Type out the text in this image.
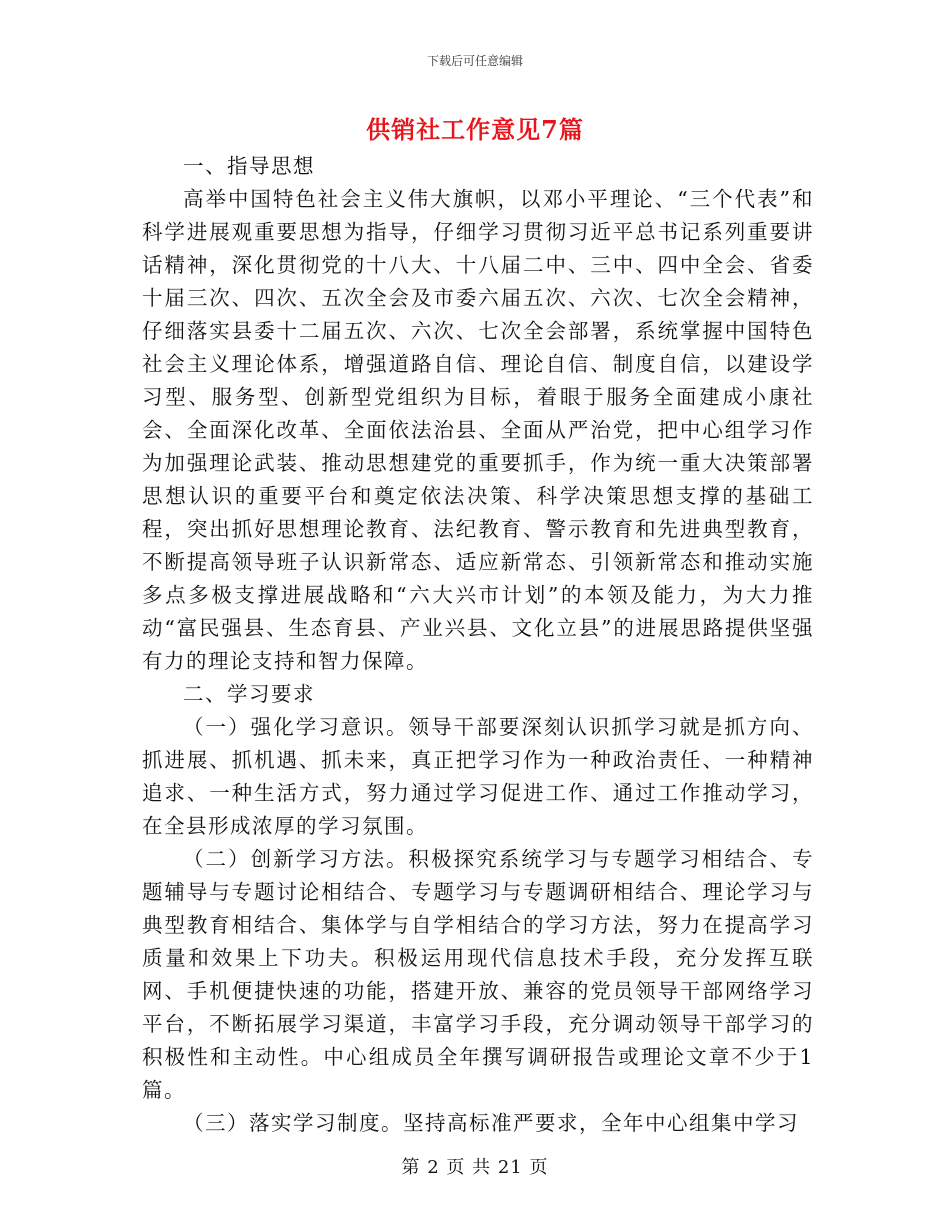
下载后可任意编辑
供销社工作意见7篇

一、指导思想

高举中国特色社会主义伟大旗帜，以邓小平理论、“三个代表”和科学进展观重要思想为指导，仔细学习贯彻习近平总书记系列重要讲话精神，深化贯彻党的十八大、十八届二中、三中、四中全会、省委十届三次、四次、五次全会及市委六届五次、六次、七次全会精神，仔细落实县委十二届五次、六次、七次全会部署，系统掌握中国特色社会主义理论体系，增强道路自信、理论自信、制度自信，以建设学习型、服务型、创新型党组织为目标，着眼于服务全面建成小康社会、全面深化改革、全面依法治县、全面从严治党，把中心组学习作为加强理论武装、推动思想建党的重要抓手，作为统一重大决策部署思想认识的重要平台和奠定依法决策、科学决策思想支撑的基础工程，突出抓好思想理论教育、法纪教育、警示教育和先进典型教育，不断提高领导班子认识新常态、适应新常态、引领新常态和推动实施多点多极支撑进展战略和“六大兴市计划”的本领及能力，为大力推动“富民强县、生态育县、产业兴县、文化立县”的进展思路提供坚强有力的理论支持和智力保障。

二、学习要求

（一）强化学习意识。领导干部要深刻认识抓学习就是抓方向、抓进展、抓机遇、抓未来，真正把学习作为一种政治责任、一种精神追求、一种生活方式，努力通过学习促进工作、通过工作推动学习，在全县形成浓厚的学习氛围。

（二）创新学习方法。积极探究系统学习与专题学习相结合、专题辅导与专题讨论相结合、专题学习与专题调研相结合、理论学习与典型教育相结合、集体学与自学相结合的学习方法，努力在提高学习质量和效果上下功夫。积极运用现代信息技术手段，充分发挥互联网、手机便捷快速的功能，搭建开放、兼容的党员领导干部网络学习平台，不断拓展学习渠道，丰富学习手段，充分调动领导干部学习的积极性和主动性。中心组成员全年撰写调研报告或理论文章不少于1篇。

（三）落实学习制度。坚持高标准严要求，全年中心组集中学习

第 2 页 共 21 页
